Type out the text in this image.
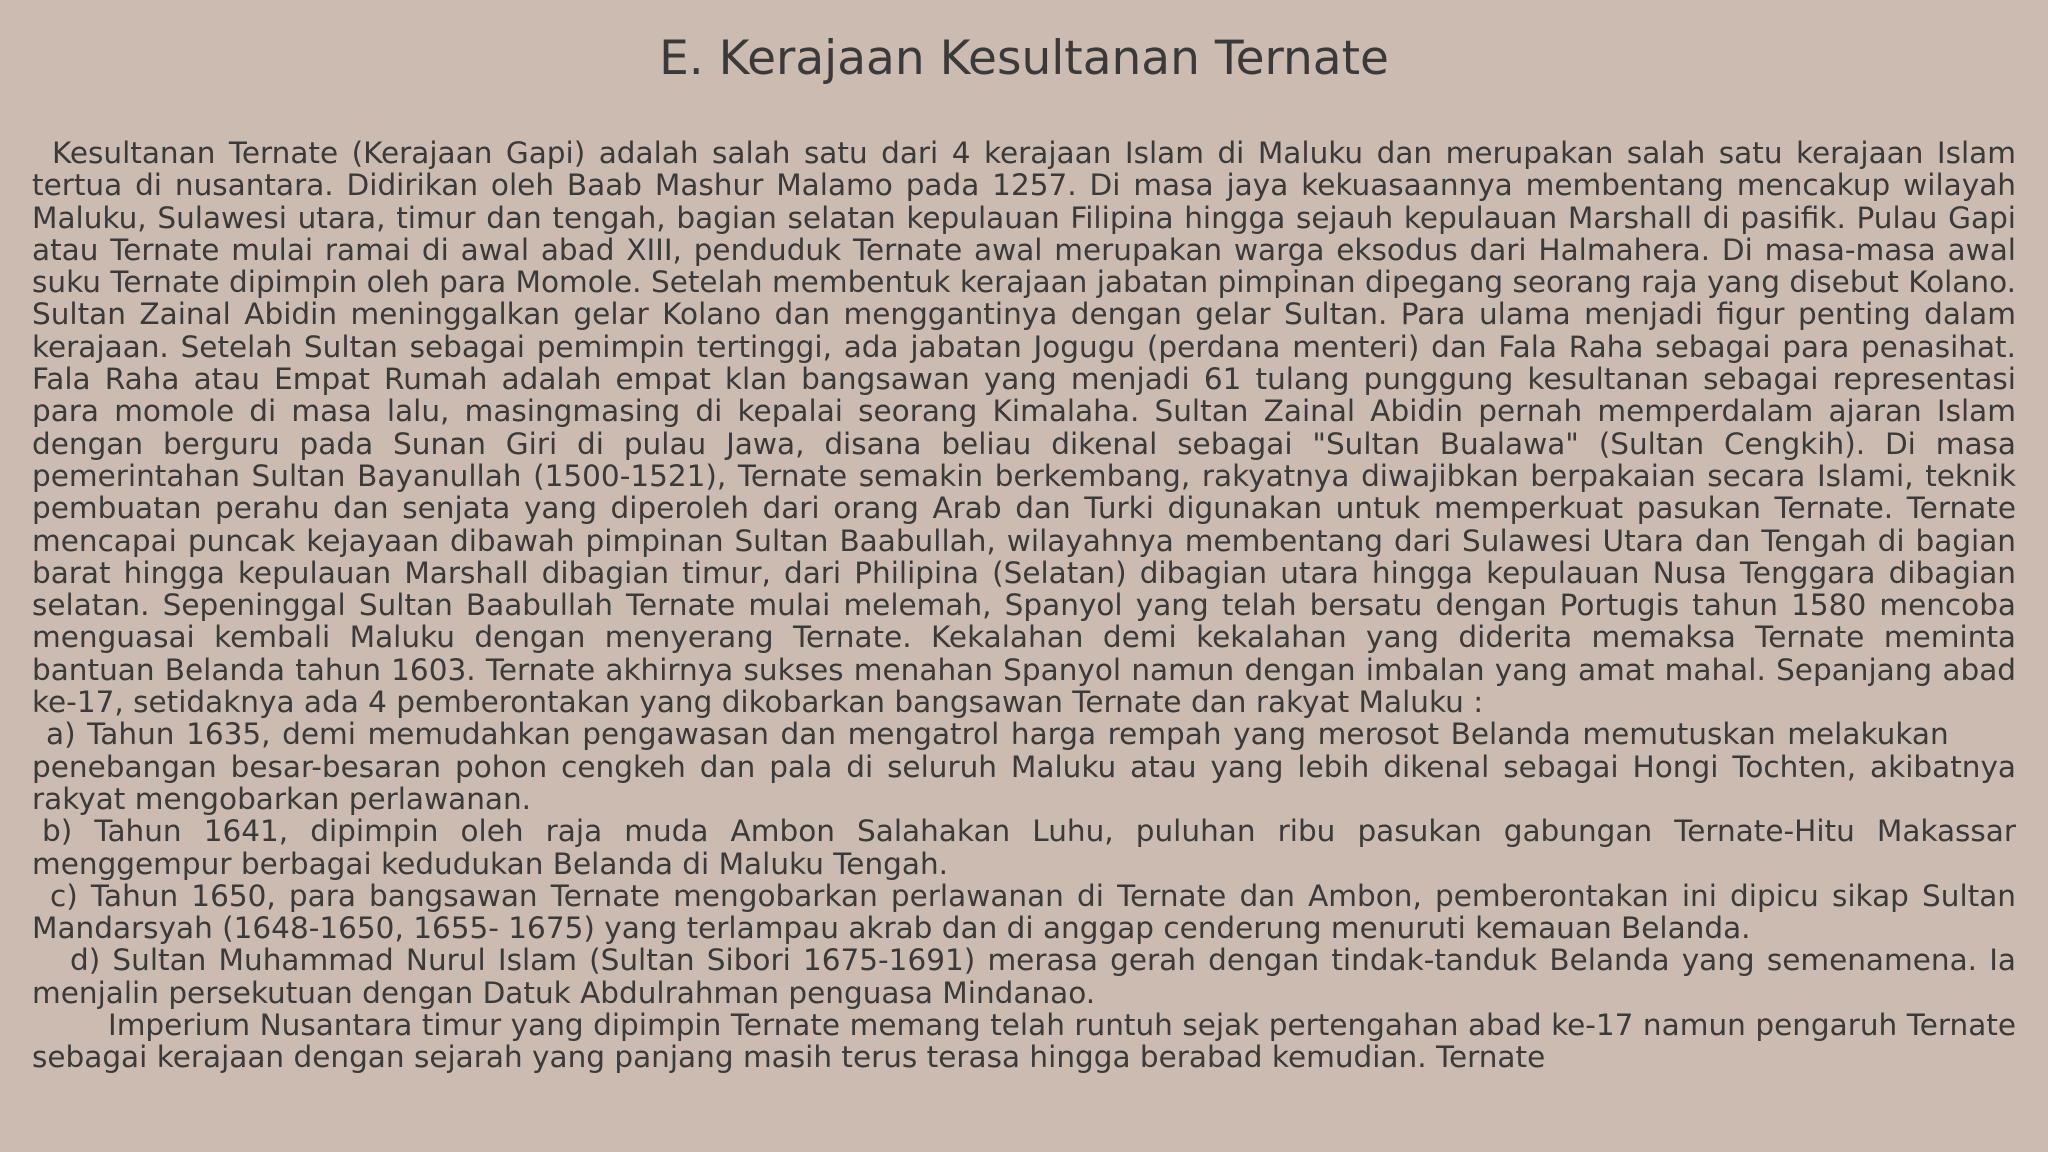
E. Kerajaan Kesultanan Ternate

Kesultanan Ternate (Kerajaan Gapi) adalah salah satu dari 4 kerajaan Islam di Maluku dan merupakan salah satu kerajaan Islam tertua di nusantara. Didirikan oleh Baab Mashur Malamo pada 1257. Di masa jaya kekuasaannya membentang mencakup wilayah Maluku, Sulawesi utara, timur dan tengah, bagian selatan kepulauan Filipina hingga sejauh kepulauan Marshall di pasifik. Pulau Gapi atau Ternate mulai ramai di awal abad XIII, penduduk Ternate awal merupakan warga eksodus dari Halmahera. Di masa-masa awal suku Ternate dipimpin oleh para Momole. Setelah membentuk kerajaan jabatan pimpinan dipegang seorang raja yang disebut Kolano. Sultan Zainal Abidin meninggalkan gelar Kolano dan menggantinya dengan gelar Sultan. Para ulama menjadi figur penting dalam kerajaan. Setelah Sultan sebagai pemimpin tertinggi, ada jabatan Jogugu (perdana menteri) dan Fala Raha sebagai para penasihat. Fala Raha atau Empat Rumah adalah empat klan bangsawan yang menjadi 61 tulang punggung kesultanan sebagai representasi para momole di masa lalu, masingmasing di kepalai seorang Kimalaha. Sultan Zainal Abidin pernah memperdalam ajaran Islam dengan berguru pada Sunan Giri di pulau Jawa, disana beliau dikenal sebagai "Sultan Bualawa" (Sultan Cengkih). Di masa pemerintahan Sultan Bayanullah (1500-1521), Ternate semakin berkembang, rakyatnya diwajibkan berpakaian secara Islami, teknik pembuatan perahu dan senjata yang diperoleh dari orang Arab dan Turki digunakan untuk memperkuat pasukan Ternate. Ternate mencapai puncak kejayaan dibawah pimpinan Sultan Baabullah, wilayahnya membentang dari Sulawesi Utara dan Tengah di bagian barat hingga kepulauan Marshall dibagian timur, dari Philipina (Selatan) dibagian utara hingga kepulauan Nusa Tenggara dibagian selatan. Sepeninggal Sultan Baabullah Ternate mulai melemah, Spanyol yang telah bersatu dengan Portugis tahun 1580 mencoba menguasai kembali Maluku dengan menyerang Ternate. Kekalahan demi kekalahan yang diderita memaksa Ternate meminta bantuan Belanda tahun 1603. Ternate akhirnya sukses menahan Spanyol namun dengan imbalan yang amat mahal. Sepanjang abad ke-17, setidaknya ada 4 pemberontakan yang dikobarkan bangsawan Ternate dan rakyat Maluku :

a) Tahun 1635, demi memudahkan pengawasan dan mengatrol harga rempah yang merosot Belanda memutuskan melakukan       penebangan besar-besaran pohon cengkeh dan pala di seluruh Maluku atau yang lebih dikenal sebagai Hongi Tochten, akibatnya rakyat mengobarkan perlawanan.

b) Tahun 1641, dipimpin oleh raja muda Ambon Salahakan Luhu, puluhan ribu pasukan gabungan Ternate-Hitu Makassar menggempur berbagai kedudukan Belanda di Maluku Tengah.

c) Tahun 1650, para bangsawan Ternate mengobarkan perlawanan di Ternate dan Ambon, pemberontakan ini dipicu sikap Sultan Mandarsyah (1648-1650, 1655- 1675) yang terlampau akrab dan di anggap cenderung menuruti kemauan Belanda.

d) Sultan Muhammad Nurul Islam (Sultan Sibori 1675-1691) merasa gerah dengan tindak-tanduk Belanda yang semenamena. Ia menjalin persekutuan dengan Datuk Abdulrahman penguasa Mindanao.

Imperium Nusantara timur yang dipimpin Ternate memang telah runtuh sejak pertengahan abad ke-17 namun pengaruh Ternate sebagai kerajaan dengan sejarah yang panjang masih terus terasa hingga berabad kemudian. Ternate
